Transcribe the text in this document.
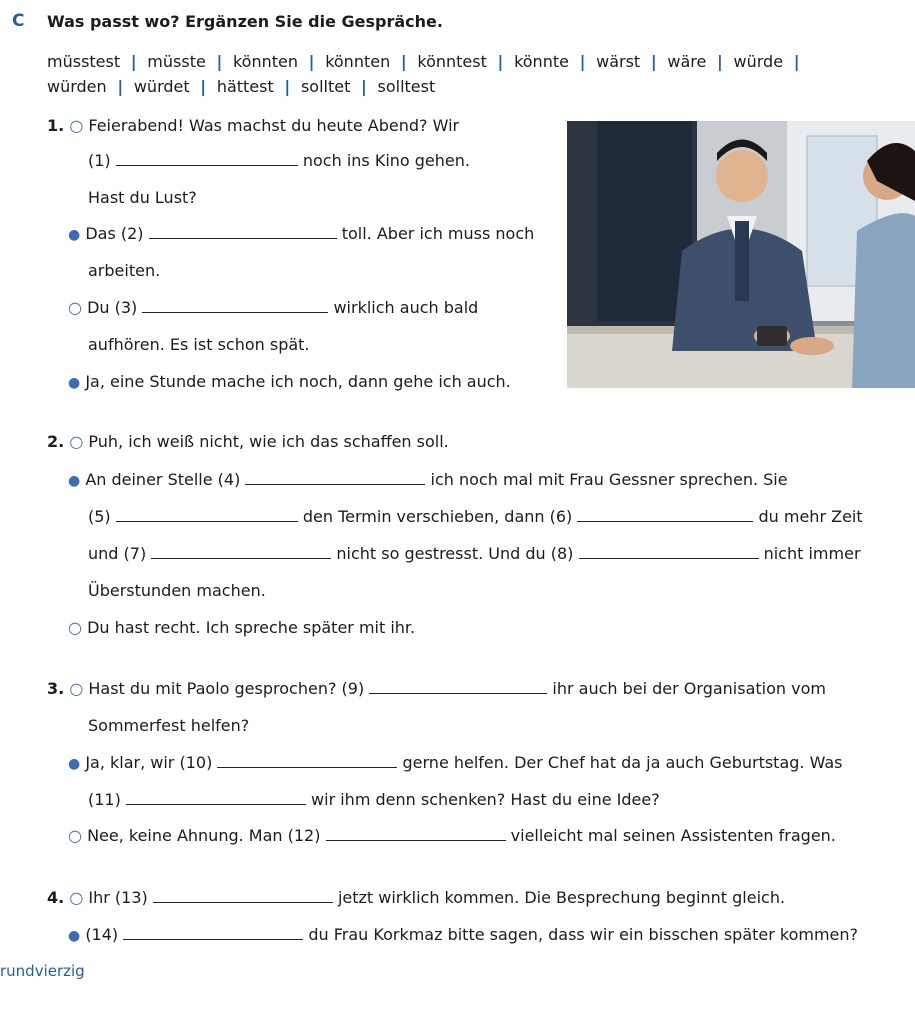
C Was passt wo? Ergänzen Sie die Gespräche.
müsstest  |  müsste  |  könnten  |  könnten  |  könntest  |  könnte  |  wärst  |  wäre  |  würde  |
würden  |  würdet  |  hättest  |  solltet  |  solltest
1. ○ Feierabend! Was machst du heute Abend? Wir
(1)	noch ins Kino gehen.
Hast du Lust?
● Das (2)	toll. Aber ich muss noch
arbeiten.
○ Du (3)	wirklich auch bald
aufhören. Es ist schon spät.
● Ja, eine Stunde mache ich noch, dann gehe ich auch.
2. ○ Puh, ich weiß nicht, wie ich das schaffen soll.
● An deiner Stelle (4)	ich noch mal mit Frau Gessner sprechen. Sie
(5)	den Termin verschieben, dann (6)	du mehr Zeit
und (7)	nicht so gestresst. Und du (8)	nicht immer
Überstunden machen.
○ Du hast recht. Ich spreche später mit ihr.
3. ○ Hast du mit Paolo gesprochen? (9)	ihr auch bei der Organisation vom
Sommerfest helfen?
● Ja, klar, wir (10)	gerne helfen. Der Chef hat da ja auch Geburtstag. Was
(11)	wir ihm denn schenken? Hast du eine Idee?
○ Nee, keine Ahnung. Man (12)	vielleicht mal seinen Assistenten fragen.
4. ○ Ihr (13)	jetzt wirklich kommen. Die Besprechung beginnt gleich.
● (14)	du Frau Korkmaz bitte sagen, dass wir ein bisschen später kommen?
rundvierzig
